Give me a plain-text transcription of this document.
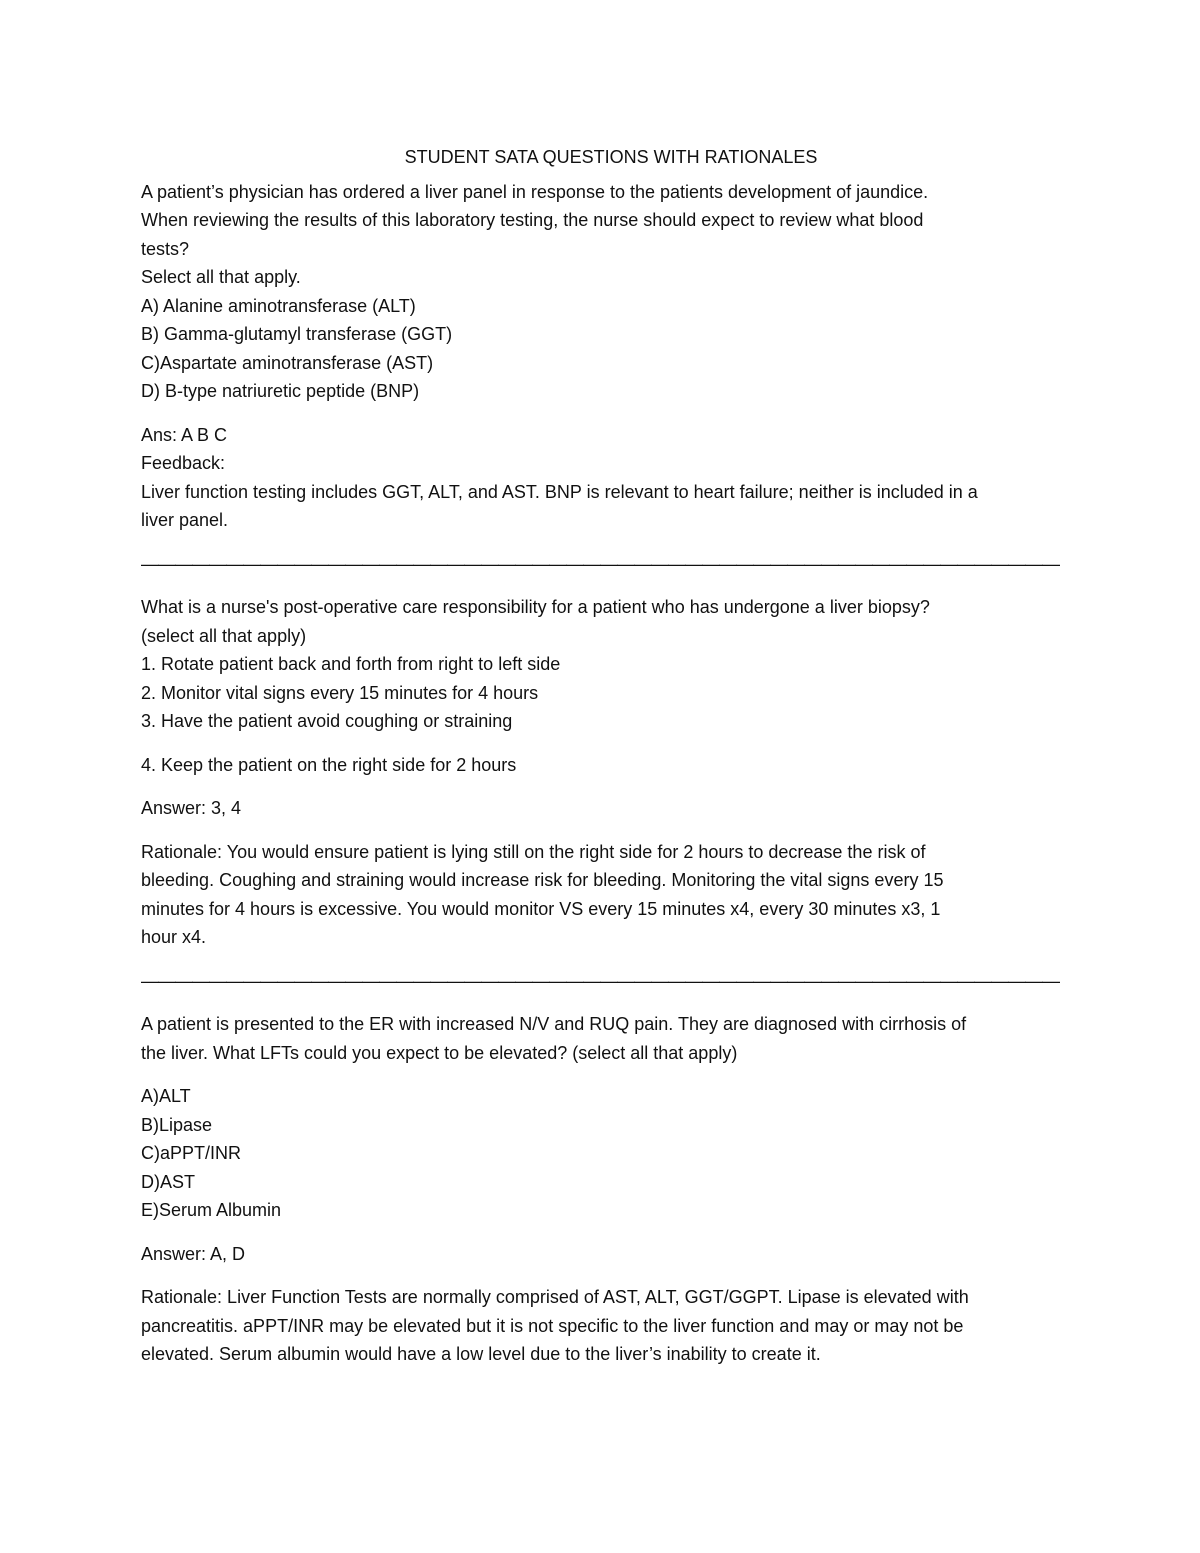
STUDENT SATA QUESTIONS WITH RATIONALES
A patient’s physician has ordered a liver panel in response to the patients development of jaundice.
When reviewing the results of this laboratory testing, the nurse should expect to review what blood
tests?
Select all that apply.
A) Alanine aminotransferase (ALT)
B) Gamma-glutamyl transferase (GGT)
C)Aspartate aminotransferase (AST)
D) B-type natriuretic peptide (BNP)
Ans: A B C
Feedback:
Liver function testing includes GGT, ALT, and AST. BNP is relevant to heart failure; neither is included in a
liver panel.
——————————————————————————————————————————————————————
What is a nurse's post-operative care responsibility for a patient who has undergone a liver biopsy?
(select all that apply)
1. Rotate patient back and forth from right to left side
2. Monitor vital signs every 15 minutes for 4 hours
3. Have the patient avoid coughing or straining
4. Keep the patient on the right side for 2 hours
Answer: 3, 4
Rationale: You would ensure patient is lying still on the right side for 2 hours to decrease the risk of
bleeding. Coughing and straining would increase risk for bleeding. Monitoring the vital signs every 15
minutes for 4 hours is excessive. You would monitor VS every 15 minutes x4, every 30 minutes x3, 1
hour x4.
——————————————————————————————————————————————————————
A patient is presented to the ER with increased N/V and RUQ pain. They are diagnosed with cirrhosis of
the liver. What LFTs could you expect to be elevated? (select all that apply)
A)ALT
B)Lipase
C)aPPT/INR
D)AST
E)Serum Albumin
Answer: A, D
Rationale: Liver Function Tests are normally comprised of AST, ALT, GGT/GGPT. Lipase is elevated with
pancreatitis. aPPT/INR may be elevated but it is not specific to the liver function and may or may not be
elevated. Serum albumin would have a low level due to the liver’s inability to create it.
